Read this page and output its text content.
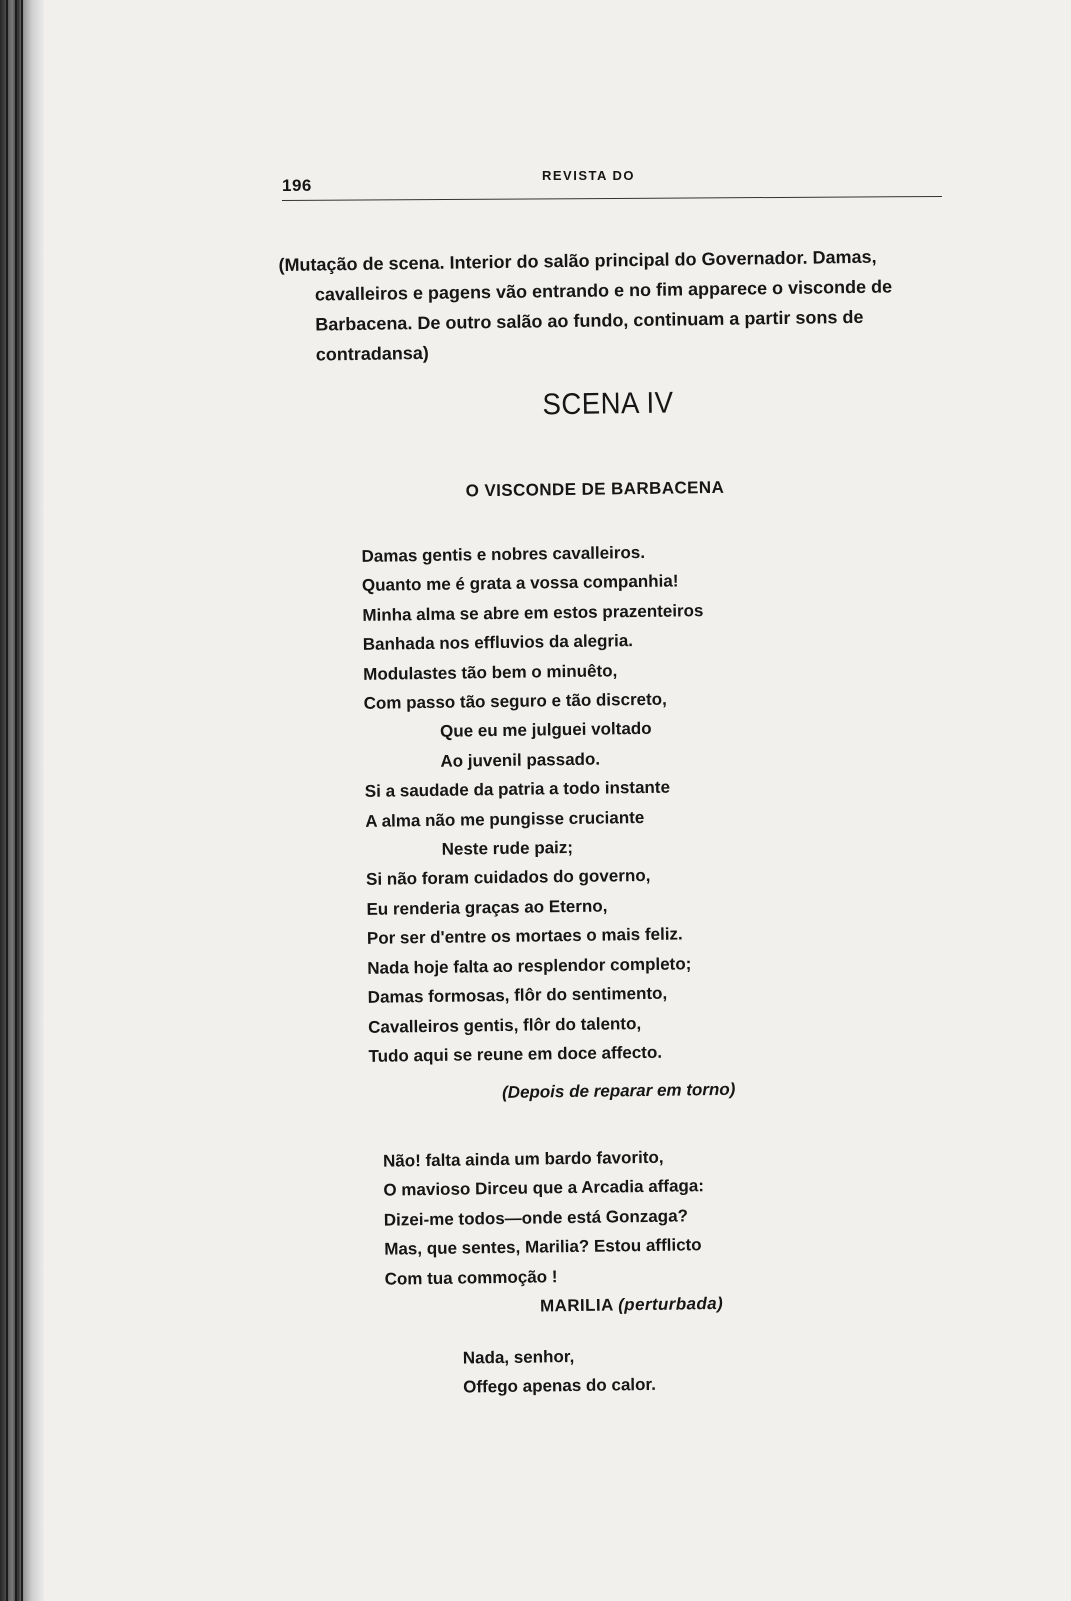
196
REVISTA DO

(Mutação de scena. Interior do salão principal do Governador. Damas, cavalleiros e pagens vão entrando e no fim apparece o visconde de Barbacena. De outro salão ao fundo, continuam a partir sons de contradansa)

SCENA IV
O VISCONDE DE BARBACENA
Damas gentis e nobres cavalleiros.
Quanto me é grata a vossa companhia!
Minha alma se abre em estos prazenteiros
Banhada nos effluvios da alegria.
Modulastes tão bem o minuêto,
Com passo tão seguro e tão discreto,
Que eu me julguei voltado
Ao juvenil passado.
Si a saudade da patria a todo instante
A alma não me pungisse cruciante
Neste rude paiz;
Si não foram cuidados do governo,
Eu renderia graças ao Eterno,
Por ser d'entre os mortaes o mais feliz.
Nada hoje falta ao resplendor completo;
Damas formosas, flôr do sentimento,
Cavalleiros gentis, flôr do talento,
Tudo aqui se reune em doce affecto.
(Depois de reparar em torno)
Não! falta ainda um bardo favorito,
O mavioso Dirceu que a Arcadia affaga:
Dizei-me todos—onde está Gonzaga?
Mas, que sentes, Marilia? Estou afflicto
Com tua commoção !
MARILIA (perturbada)
Nada, senhor,
Offego apenas do calor.
